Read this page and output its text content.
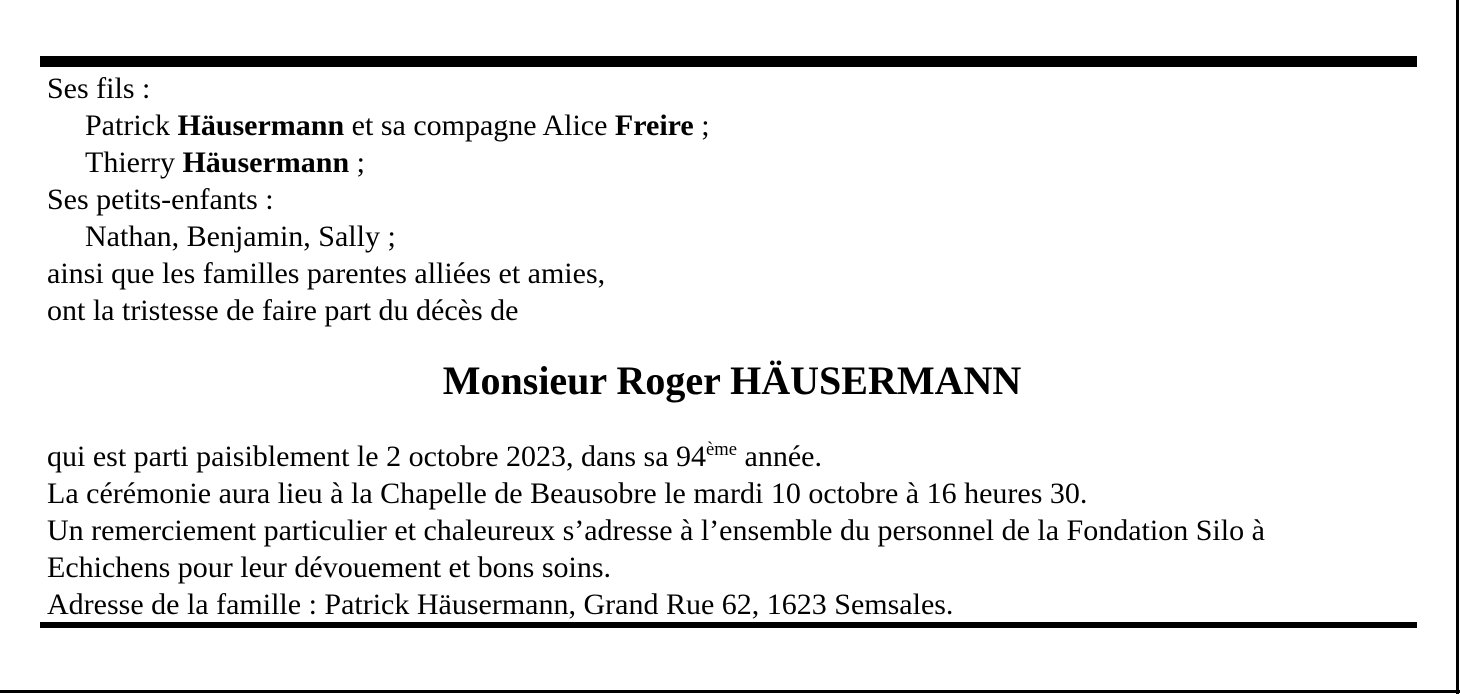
Ses fils :
Patrick Häusermann et sa compagne Alice Freire ;
Thierry Häusermann ;
Ses petits-enfants :
Nathan, Benjamin, Sally ;
ainsi que les familles parentes alliées et amies,
ont la tristesse de faire part du décès de
Monsieur Roger HÄUSERMANN
qui est parti paisiblement le 2 octobre 2023, dans sa 94ème année.
La cérémonie aura lieu à la Chapelle de Beausobre le mardi 10 octobre à 16 heures 30.
Un remerciement particulier et chaleureux s’adresse à l’ensemble du personnel de la Fondation Silo à
Echichens pour leur dévouement et bons soins.
Adresse de la famille : Patrick Häusermann, Grand Rue 62, 1623 Semsales.
